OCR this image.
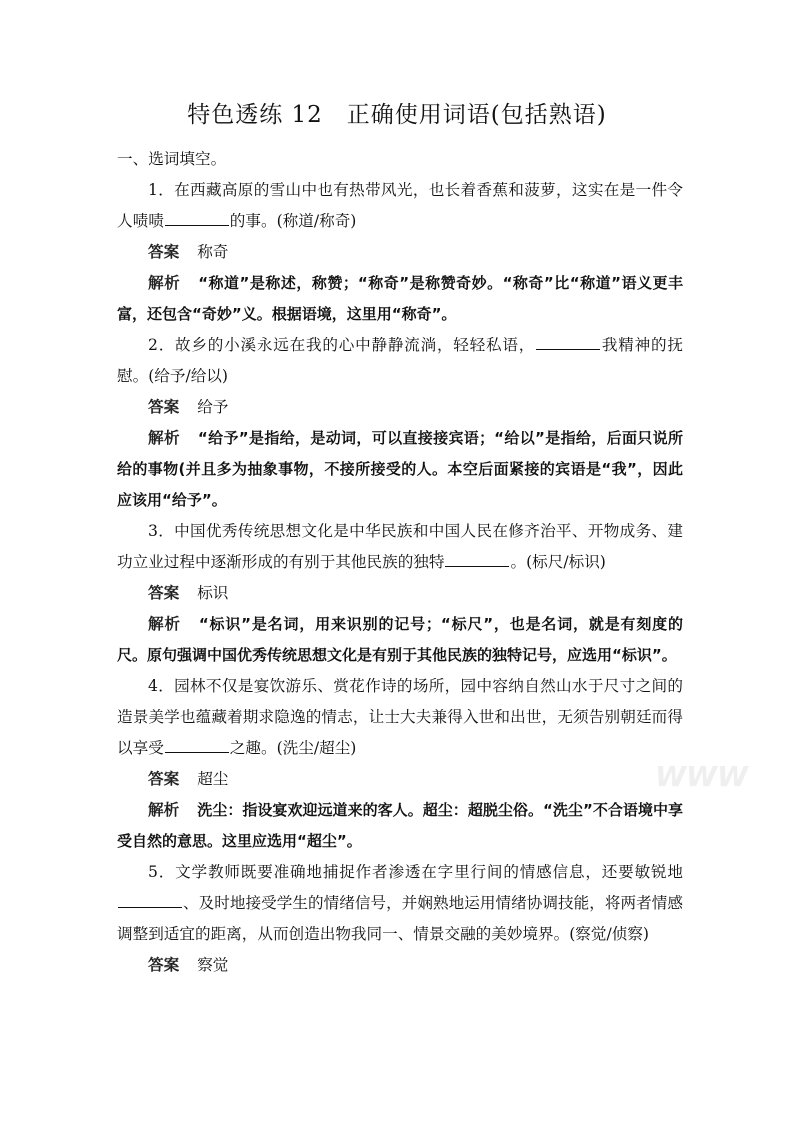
特色透练 12　正确使用词语(包括熟语)

一、选词填空。

1．在西藏高原的雪山中也有热带风光，也长着香蕉和菠萝，这实在是一件令人啧啧	的事。(称道/称奇)

答案 称奇

解析 “称道”是称述，称赞；“称奇”是称赞奇妙。“称奇”比“称道”语义更丰富，还包含“奇妙”义。根据语境，这里用“称奇”。

2．故乡的小溪永远在我的心中静静流淌，轻轻私语，	我精神的抚慰。(给予/给以)

答案 给予

解析 “给予”是指给，是动词，可以直接接宾语；“给以”是指给，后面只说所给的事物(并且多为抽象事物，不接所接受的人。本空后面紧接的宾语是“我”，因此应该用“给予”。

3．中国优秀传统思想文化是中华民族和中国人民在修齐治平、开物成务、建功立业过程中逐渐形成的有别于其他民族的独特	。(标尺/标识)

答案 标识

解析 “标识”是名词，用来识别的记号；“标尺”，也是名词，就是有刻度的尺。原句强调中国优秀传统思想文化是有别于其他民族的独特记号，应选用“标识”。

4．园林不仅是宴饮游乐、赏花作诗的场所，园中容纳自然山水于尺寸之间的造景美学也蕴藏着期求隐逸的情志，让士大夫兼得入世和出世，无须告别朝廷而得以享受	之趣。(洗尘/超尘)

答案 超尘

解析 洗尘：指设宴欢迎远道来的客人。超尘：超脱尘俗。“洗尘”不合语境中享受自然的意思。这里应选用“超尘”。

5．文学教师既要准确地捕捉作者渗透在字里行间的情感信息，还要敏锐地、及时地接受学生的情绪信号，并娴熟地运用情绪协调技能，将两者情感调整到适宜的距离，从而创造出物我同一、情景交融的美妙境界。(察觉/侦察)

答案 察觉

WWW
